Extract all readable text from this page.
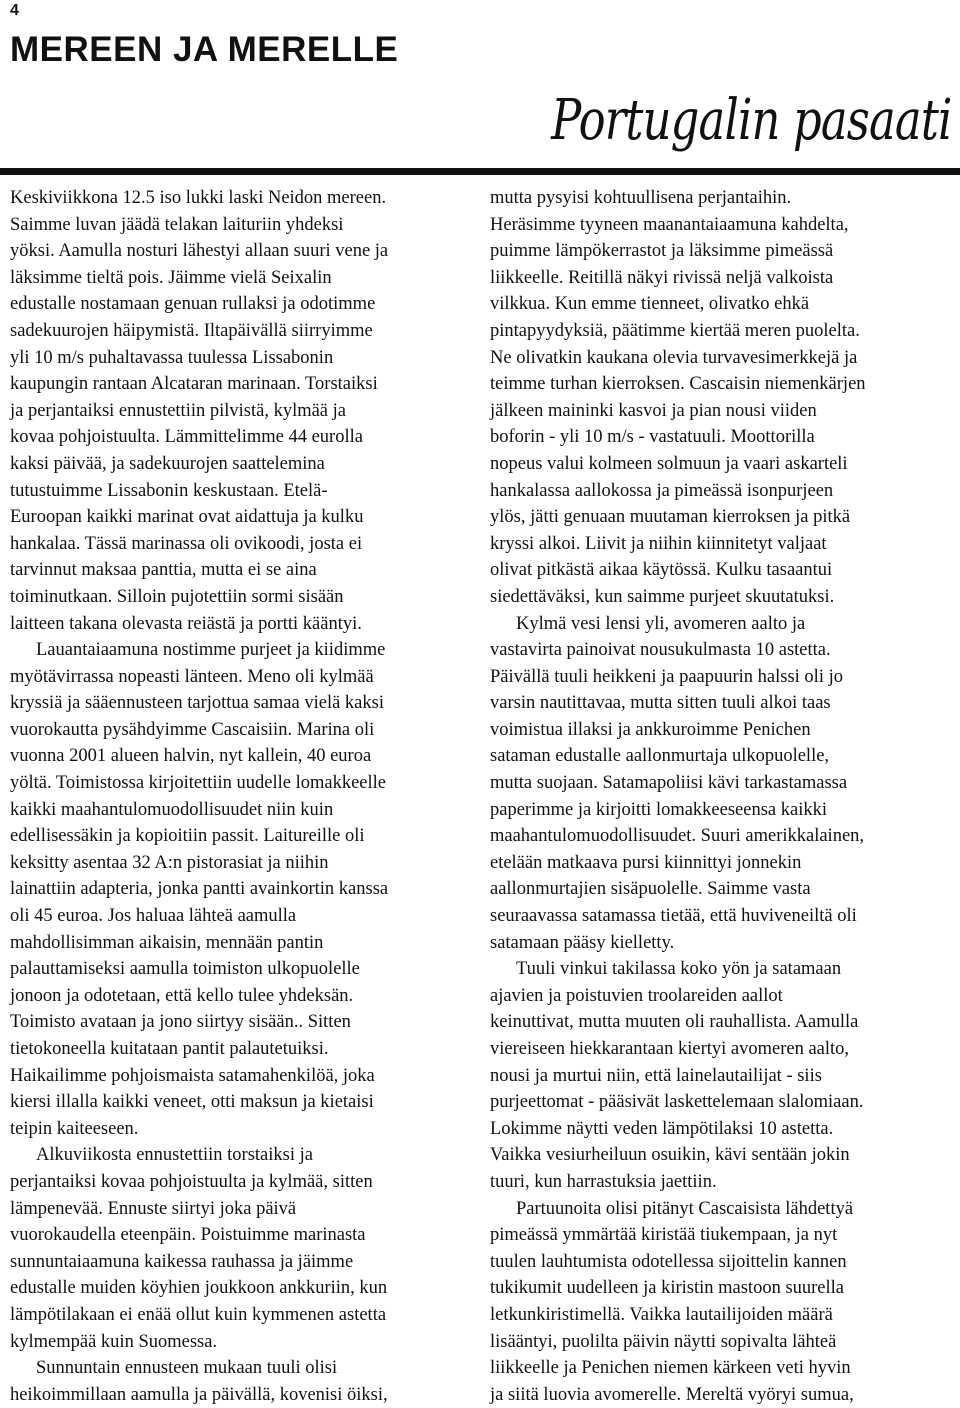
4
MEREEN JA MERELLE
Portugalin pasaati
Keskiviikkona 12.5 iso lukki laski Neidon mereen.
Saimme luvan jäädä telakan laituriin yhdeksi
yöksi. Aamulla nosturi lähestyi allaan suuri vene ja
läksimme tieltä pois. Jäimme vielä Seixalin
edustalle nostamaan genuan rullaksi ja odotimme
sadekuurojen häipymistä. Iltapäivällä siirryimme
yli 10 m/s puhaltavassa tuulessa Lissabonin
kaupungin rantaan Alcataran marinaan. Torstaiksi
ja perjantaiksi ennustettiin pilvistä, kylmää ja
kovaa pohjoistuulta. Lämmittelimme 44 eurolla
kaksi päivää, ja sadekuurojen saattelemina
tutustuimme Lissabonin keskustaan. Etelä-
Euroopan kaikki marinat ovat aidattuja ja kulku
hankalaa. Tässä marinassa oli ovikoodi, josta ei
tarvinnut maksaa panttia, mutta ei se aina
toiminutkaan. Silloin pujotettiin sormi sisään
laitteen takana olevasta reiästä ja portti kääntyi.
Lauantaiaamuna nostimme purjeet ja kiidimme
myötävirrassa nopeasti länteen. Meno oli kylmää
kryssiä ja sääennusteen tarjottua samaa vielä kaksi
vuorokautta pysähdyimme Cascaisiin. Marina oli
vuonna 2001 alueen halvin, nyt kallein, 40 euroa
yöltä. Toimistossa kirjoitettiin uudelle lomakkeelle
kaikki maahantulomuodollisuudet niin kuin
edellisessäkin ja kopioitiin passit. Laitureille oli
keksitty asentaa 32 A:n pistorasiat ja niihin
lainattiin adapteria, jonka pantti avainkortin kanssa
oli 45 euroa. Jos haluaa lähteä aamulla
mahdollisimman aikaisin, mennään pantin
palauttamiseksi aamulla toimiston ulkopuolelle
jonoon ja odotetaan, että kello tulee yhdeksän.
Toimisto avataan ja jono siirtyy sisään.. Sitten
tietokoneella kuitataan pantit palautetuiksi.
Haikailimme pohjoismaista satamahenkilöä, joka
kiersi illalla kaikki veneet, otti maksun ja kietaisi
teipin kaiteeseen.
Alkuviikosta ennustettiin torstaiksi ja
perjantaiksi kovaa pohjoistuulta ja kylmää, sitten
lämpenevää. Ennuste siirtyi joka päivä
vuorokaudella eteenpäin. Poistuimme marinasta
sunnuntaiaamuna kaikessa rauhassa ja jäimme
edustalle muiden köyhien joukkoon ankkuriin, kun
lämpötilakaan ei enää ollut kuin kymmenen astetta
kylmempää kuin Suomessa.
Sunnuntain ennusteen mukaan tuuli olisi
heikoimmillaan aamulla ja päivällä, kovenisi öiksi,
mutta pysyisi kohtuullisena perjantaihin.
Heräsimme tyyneen maanantaiaamuna kahdelta,
puimme lämpökerrastot ja läksimme pimeässä
liikkeelle. Reitillä näkyi rivissä neljä valkoista
vilkkua. Kun emme tienneet, olivatko ehkä
pintapyydyksiä, päätimme kiertää meren puolelta.
Ne olivatkin kaukana olevia turvavesimerkkejä ja
teimme turhan kierroksen. Cascaisin niemenkärjen
jälkeen maininki kasvoi ja pian nousi viiden
boforin - yli 10 m/s - vastatuuli. Moottorilla
nopeus valui kolmeen solmuun ja vaari askarteli
hankalassa aallokossa ja pimeässä isonpurjeen
ylös, jätti genuaan muutaman kierroksen ja pitkä
kryssi alkoi. Liivit ja niihin kiinnitetyt valjaat
olivat pitkästä aikaa käytössä. Kulku tasaantui
siedettäväksi, kun saimme purjeet skuutatuksi.
Kylmä vesi lensi yli, avomeren aalto ja
vastavirta painoivat nousukulmasta 10 astetta.
Päivällä tuuli heikkeni ja paapuurin halssi oli jo
varsin nautittavaa, mutta sitten tuuli alkoi taas
voimistua illaksi ja ankkuroimme Penichen
sataman edustalle aallonmurtaja ulkopuolelle,
mutta suojaan. Satamapoliisi kävi tarkastamassa
paperimme ja kirjoitti lomakkeeseensa kaikki
maahantulomuodollisuudet. Suuri amerikkalainen,
etelään matkaava pursi kiinnittyi jonnekin
aallonmurtajien sisäpuolelle. Saimme vasta
seuraavassa satamassa tietää, että huviveneiltä oli
satamaan pääsy kielletty.
Tuuli vinkui takilassa koko yön ja satamaan
ajavien ja poistuvien troolareiden aallot
keinuttivat, mutta muuten oli rauhallista. Aamulla
viereiseen hiekkarantaan kiertyi avomeren aalto,
nousi ja murtui niin, että lainelautailijat - siis
purjeettomat - pääsivät laskettelemaan slalomiaan.
Lokimme näytti veden lämpötilaksi 10 astetta.
Vaikka vesiurheiluun osuikin, kävi sentään jokin
tuuri, kun harrastuksia jaettiin.
Partuunoita olisi pitänyt Cascaisista lähdettyä
pimeässä ymmärtää kiristää tiukempaan, ja nyt
tuulen lauhtumista odotellessa sijoittelin kannen
tukikumit uudelleen ja kiristin mastoon suurella
letkunkiristimellä. Vaikka lautailijoiden määrä
lisääntyi, puolilta päivin näytti sopivalta lähteä
liikkeelle ja Penichen niemen kärkeen veti hyvin
ja siitä luovia avomerelle. Mereltä vyöryi sumua,
